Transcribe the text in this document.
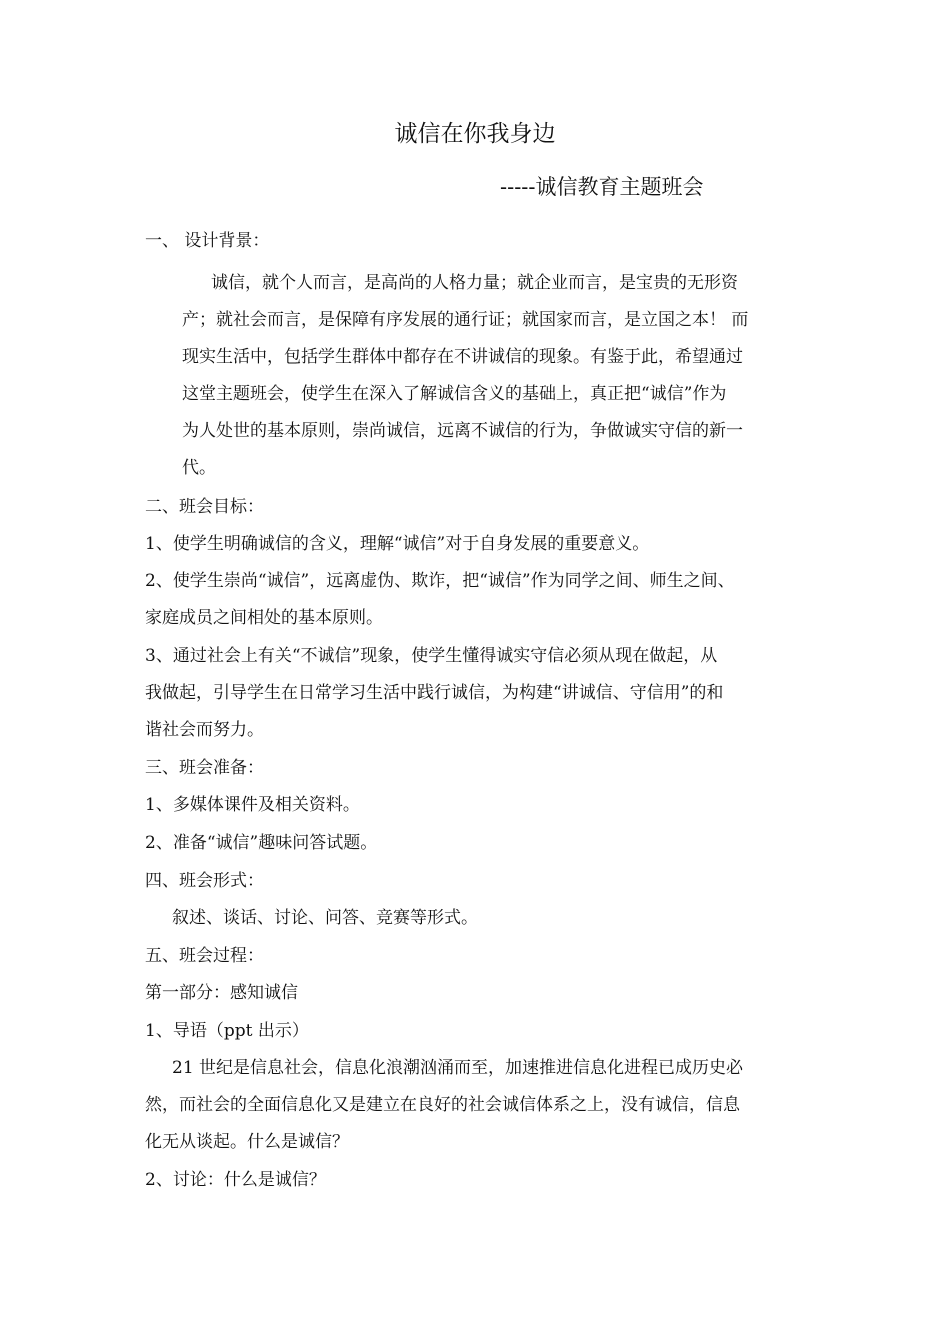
诚信在你我身边
-----诚信教育主题班会
一、 设计背景：
诚信，就个人而言，是高尚的人格力量；就企业而言，是宝贵的无形资
产；就社会而言，是保障有序发展的通行证；就国家而言，是立国之本！ 而
现实生活中，包括学生群体中都存在不讲诚信的现象。有鉴于此，希望通过
这堂主题班会，使学生在深入了解诚信含义的基础上，真正把“诚信”作为
为人处世的基本原则，崇尚诚信，远离不诚信的行为，争做诚实守信的新一
代。
二、班会目标：
1、使学生明确诚信的含义，理解“诚信”对于自身发展的重要意义。
2、使学生崇尚“诚信”，远离虚伪、欺诈，把“诚信”作为同学之间、师生之间、
家庭成员之间相处的基本原则。
3、通过社会上有关“不诚信”现象，使学生懂得诚实守信必须从现在做起，从
我做起，引导学生在日常学习生活中践行诚信，为构建“讲诚信、守信用”的和
谐社会而努力。
三、班会准备：
1、多媒体课件及相关资料。
2、准备“诚信”趣味问答试题。
四、班会形式：
叙述、谈话、讨论、问答、竞赛等形式。
五、班会过程：
第一部分：感知诚信
1、导语（ppt 出示）
21 世纪是信息社会，信息化浪潮汹涌而至，加速推进信息化进程已成历史必
然，而社会的全面信息化又是建立在良好的社会诚信体系之上，没有诚信，信息
化无从谈起。什么是诚信？
2、讨论：什么是诚信？
